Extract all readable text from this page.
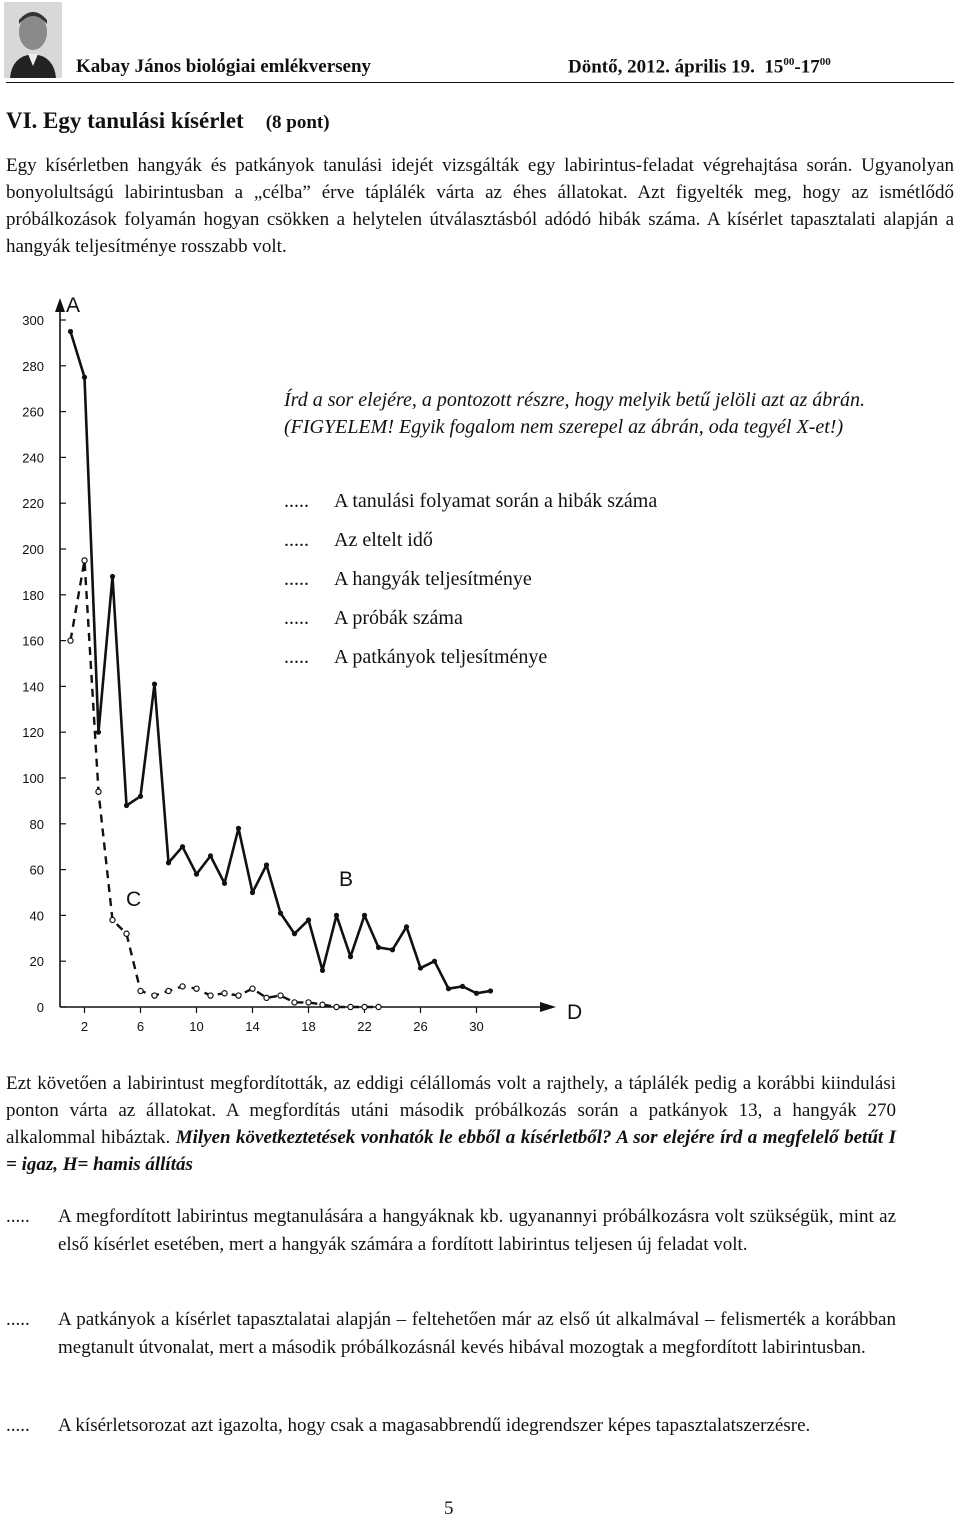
Kabay János biológiai emlékverseny	Döntő, 2012. április 19. $15^{00}-17^{00}$
VI. Egy tanulási kísérlet (8 pont)

Egy kísérletben hangyák és patkányok tanulási idejét vizsgálták egy labirintus-feladat végrehajtása során. Ugyanolyan bonyolultságú labirintusban a „célba” érve táplálék várta az éhes állatokat. Azt figyelték meg, hogy az ismétlődő próbálkozások folyamán hogyan csökken a helytelen útválasztásból adódó hibák száma. A kísérlet tapasztalati alapján a hangyák teljesítménye rosszabb volt.

0
20
40
60
80
100
120
140
160
180
200
220
240
260
280
300
2	6	10	14	18	22	26	30
A
D
B
C
Írd a sor elejére, a pontozott részre, hogy melyik betű jelöli azt az ábrán. (FIGYELEM! Egyik fogalom nem szerepel az ábrán, oda tegyél X-et!)
..... A tanulási folyamat során a hibák száma
..... Az eltelt idő
..... A hangyák teljesítménye
..... A próbák száma
..... A patkányok teljesítménye
Ezt követően a labirintust megfordították, az eddigi célállomás volt a rajthely, a táplálék pedig a korábbi kiindulási ponton várta az állatokat. A megfordítás utáni második próbálkozás során a patkányok 13, a hangyák 270 alkalommal hibáztak. Milyen következtetések vonhatók le ebből a kísérletből? A sor elejére írd a megfelelő betűt I = igaz, H= hamis állítás
..... A megfordított labirintus megtanulására a hangyáknak kb. ugyanannyi próbálkozásra volt szükségük, mint az első kísérlet esetében, mert a hangyák számára a fordított labirintus teljesen új feladat volt.
..... A patkányok a kísérlet tapasztalatai alapján – feltehetően már az első út alkalmával – felismerték a korábban megtanult útvonalat, mert a második próbálkozásnál kevés hibával mozogtak a megfordított labirintusban.
..... A kísérletsorozat azt igazolta, hogy csak a magasabbrendű idegrendszer képes tapasztalatszerzésre.
5
